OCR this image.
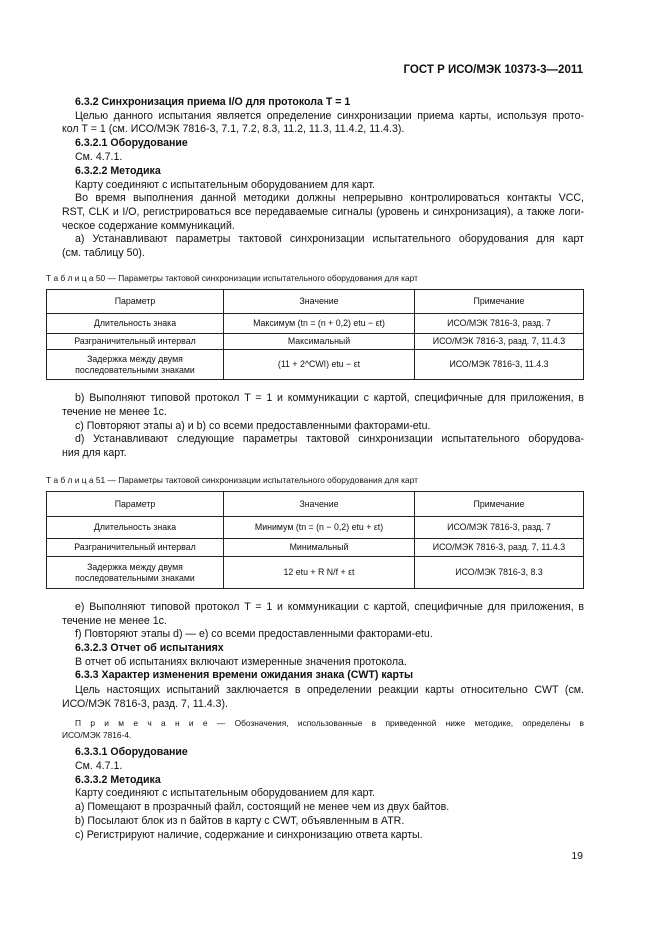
ГОСТ Р ИСО/МЭК 10373-3—2011
6.3.2 Синхронизация приема I/O для протокола T = 1
Целью данного испытания является определение синхронизации приема карты, используя прото-
кол T = 1 (см. ИСО/МЭК 7816-3, 7.1, 7.2, 8.3, 11.2, 11.3, 11.4.2, 11.4.3).
6.3.2.1 Оборудование
См. 4.7.1.
6.3.2.2 Методика
Карту соединяют с испытательным оборудованием для карт.
Во время выполнения данной методики должны непрерывно контролироваться контакты VCC,
RST, CLK и I/O, регистрироваться все передаваемые сигналы (уровень и синхронизация), а также логи-
ческое содержание коммуникаций.
a) Устанавливают параметры тактовой синхронизации испытательного оборудования для карт
(см. таблицу 50).
Т а б л и ц а 50 — Параметры тактовой синхронизации испытательного оборудования для карт
Параметр	Значение	Примечание
Длительность знака	Максимум (tn = (n + 0,2) etu − εt)	ИСО/МЭК 7816-3, разд. 7
Разграничительный интервал	Максимальный	ИСО/МЭК 7816-3, разд. 7, 11.4.3
Задержка между двумя последовательными знаками	(11 + 2^CWI) etu − εt	ИСО/МЭК 7816-3, 11.4.3
b) Выполняют типовой протокол T = 1 и коммуникации с картой, специфичные для приложения, в
течение не менее 1с.
c) Повторяют этапы a) и b) со всеми предоставленными факторами-etu.
d) Устанавливают следующие параметры тактовой синхронизации испытательного оборудова-
ния для карт.
Т а б л и ц а 51 — Параметры тактовой синхронизации испытательного оборудования для карт
Параметр	Значение	Примечание
Длительность знака	Минимум (tn = (n − 0,2) etu + εt)	ИСО/МЭК 7816-3, разд. 7
Разграничительный интервал	Минимальный	ИСО/МЭК 7816-3, разд. 7, 11.4.3
Задержка между двумя последовательными знаками	12 etu + R N/f + εt	ИСО/МЭК 7816-3, 8.3
e) Выполняют типовой протокол T = 1 и коммуникации с картой, специфичные для приложения, в
течение не менее 1с.
f) Повторяют этапы d) — e) со всеми предоставленными факторами-etu.
6.3.2.3 Отчет об испытаниях
В отчет об испытаниях включают измеренные значения протокола.
6.3.3 Характер изменения времени ожидания знака (CWT) карты
Цель настоящих испытаний заключается в определении реакции карты относительно CWT (см.
ИСО/МЭК 7816-3, разд. 7, 11.4.3).
П р и м е ч а н и е — Обозначения, использованные в приведенной ниже методике, определены в
ИСО/МЭК 7816-4.
6.3.3.1 Оборудование
См. 4.7.1.
6.3.3.2 Методика
Карту соединяют с испытательным оборудованием для карт.
a) Помещают в прозрачный файл, состоящий не менее чем из двух байтов.
b) Посылают блок из n байтов в карту с CWT, объявленным в ATR.
c) Регистрируют наличие, содержание и синхронизацию ответа карты.
19
